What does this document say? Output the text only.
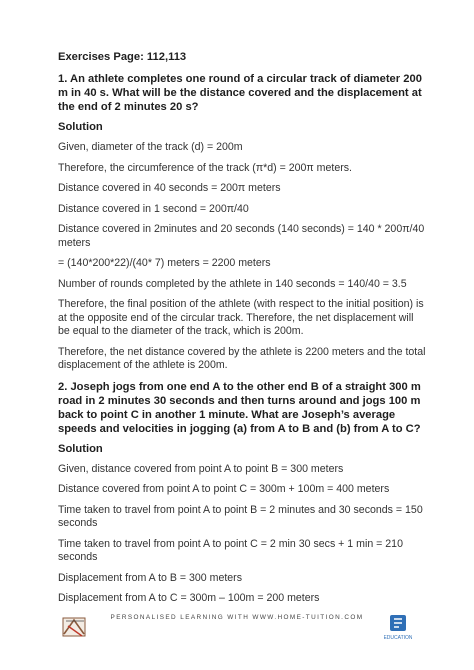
Exercises Page: 112,113
1. An athlete completes one round of a circular track of diameter 200 m in 40 s. What will be the distance covered and the displacement at the end of 2 minutes 20 s?
Solution
Given, diameter of the track (d) = 200m
Therefore, the circumference of the track (π*d) = 200π meters.
Distance covered in 40 seconds = 200π meters
Distance covered in 1 second = 200π/40
Distance covered in 2minutes and 20 seconds (140 seconds) = 140 * 200π/40 meters
= (140*200*22)/(40* 7) meters = 2200 meters
Number of rounds completed by the athlete in 140 seconds = 140/40 = 3.5
Therefore, the final position of the athlete (with respect to the initial position) is at the opposite end of the circular track. Therefore, the net displacement will be equal to the diameter of the track, which is 200m.
Therefore, the net distance covered by the athlete is 2200 meters and the total displacement of the athlete is 200m.
2. Joseph jogs from one end A to the other end B of a straight 300 m road in 2 minutes 30 seconds and then turns around and jogs 100 m back to point C in another 1 minute. What are Joseph’s average speeds and velocities in jogging (a) from A to B and (b) from A to C?
Solution
Given, distance covered from point A to point B = 300 meters
Distance covered from point A to point C = 300m + 100m = 400 meters
Time taken to travel from point A to point B = 2 minutes and 30 seconds = 150 seconds
Time taken to travel from point A to point C = 2 min 30 secs + 1 min = 210 seconds
Displacement from A to B = 300 meters
Displacement from A to C = 300m – 100m = 200 meters
PERSONALISED LEARNING WITH WWW.HOME-TUITION.COM
EDUCATION
